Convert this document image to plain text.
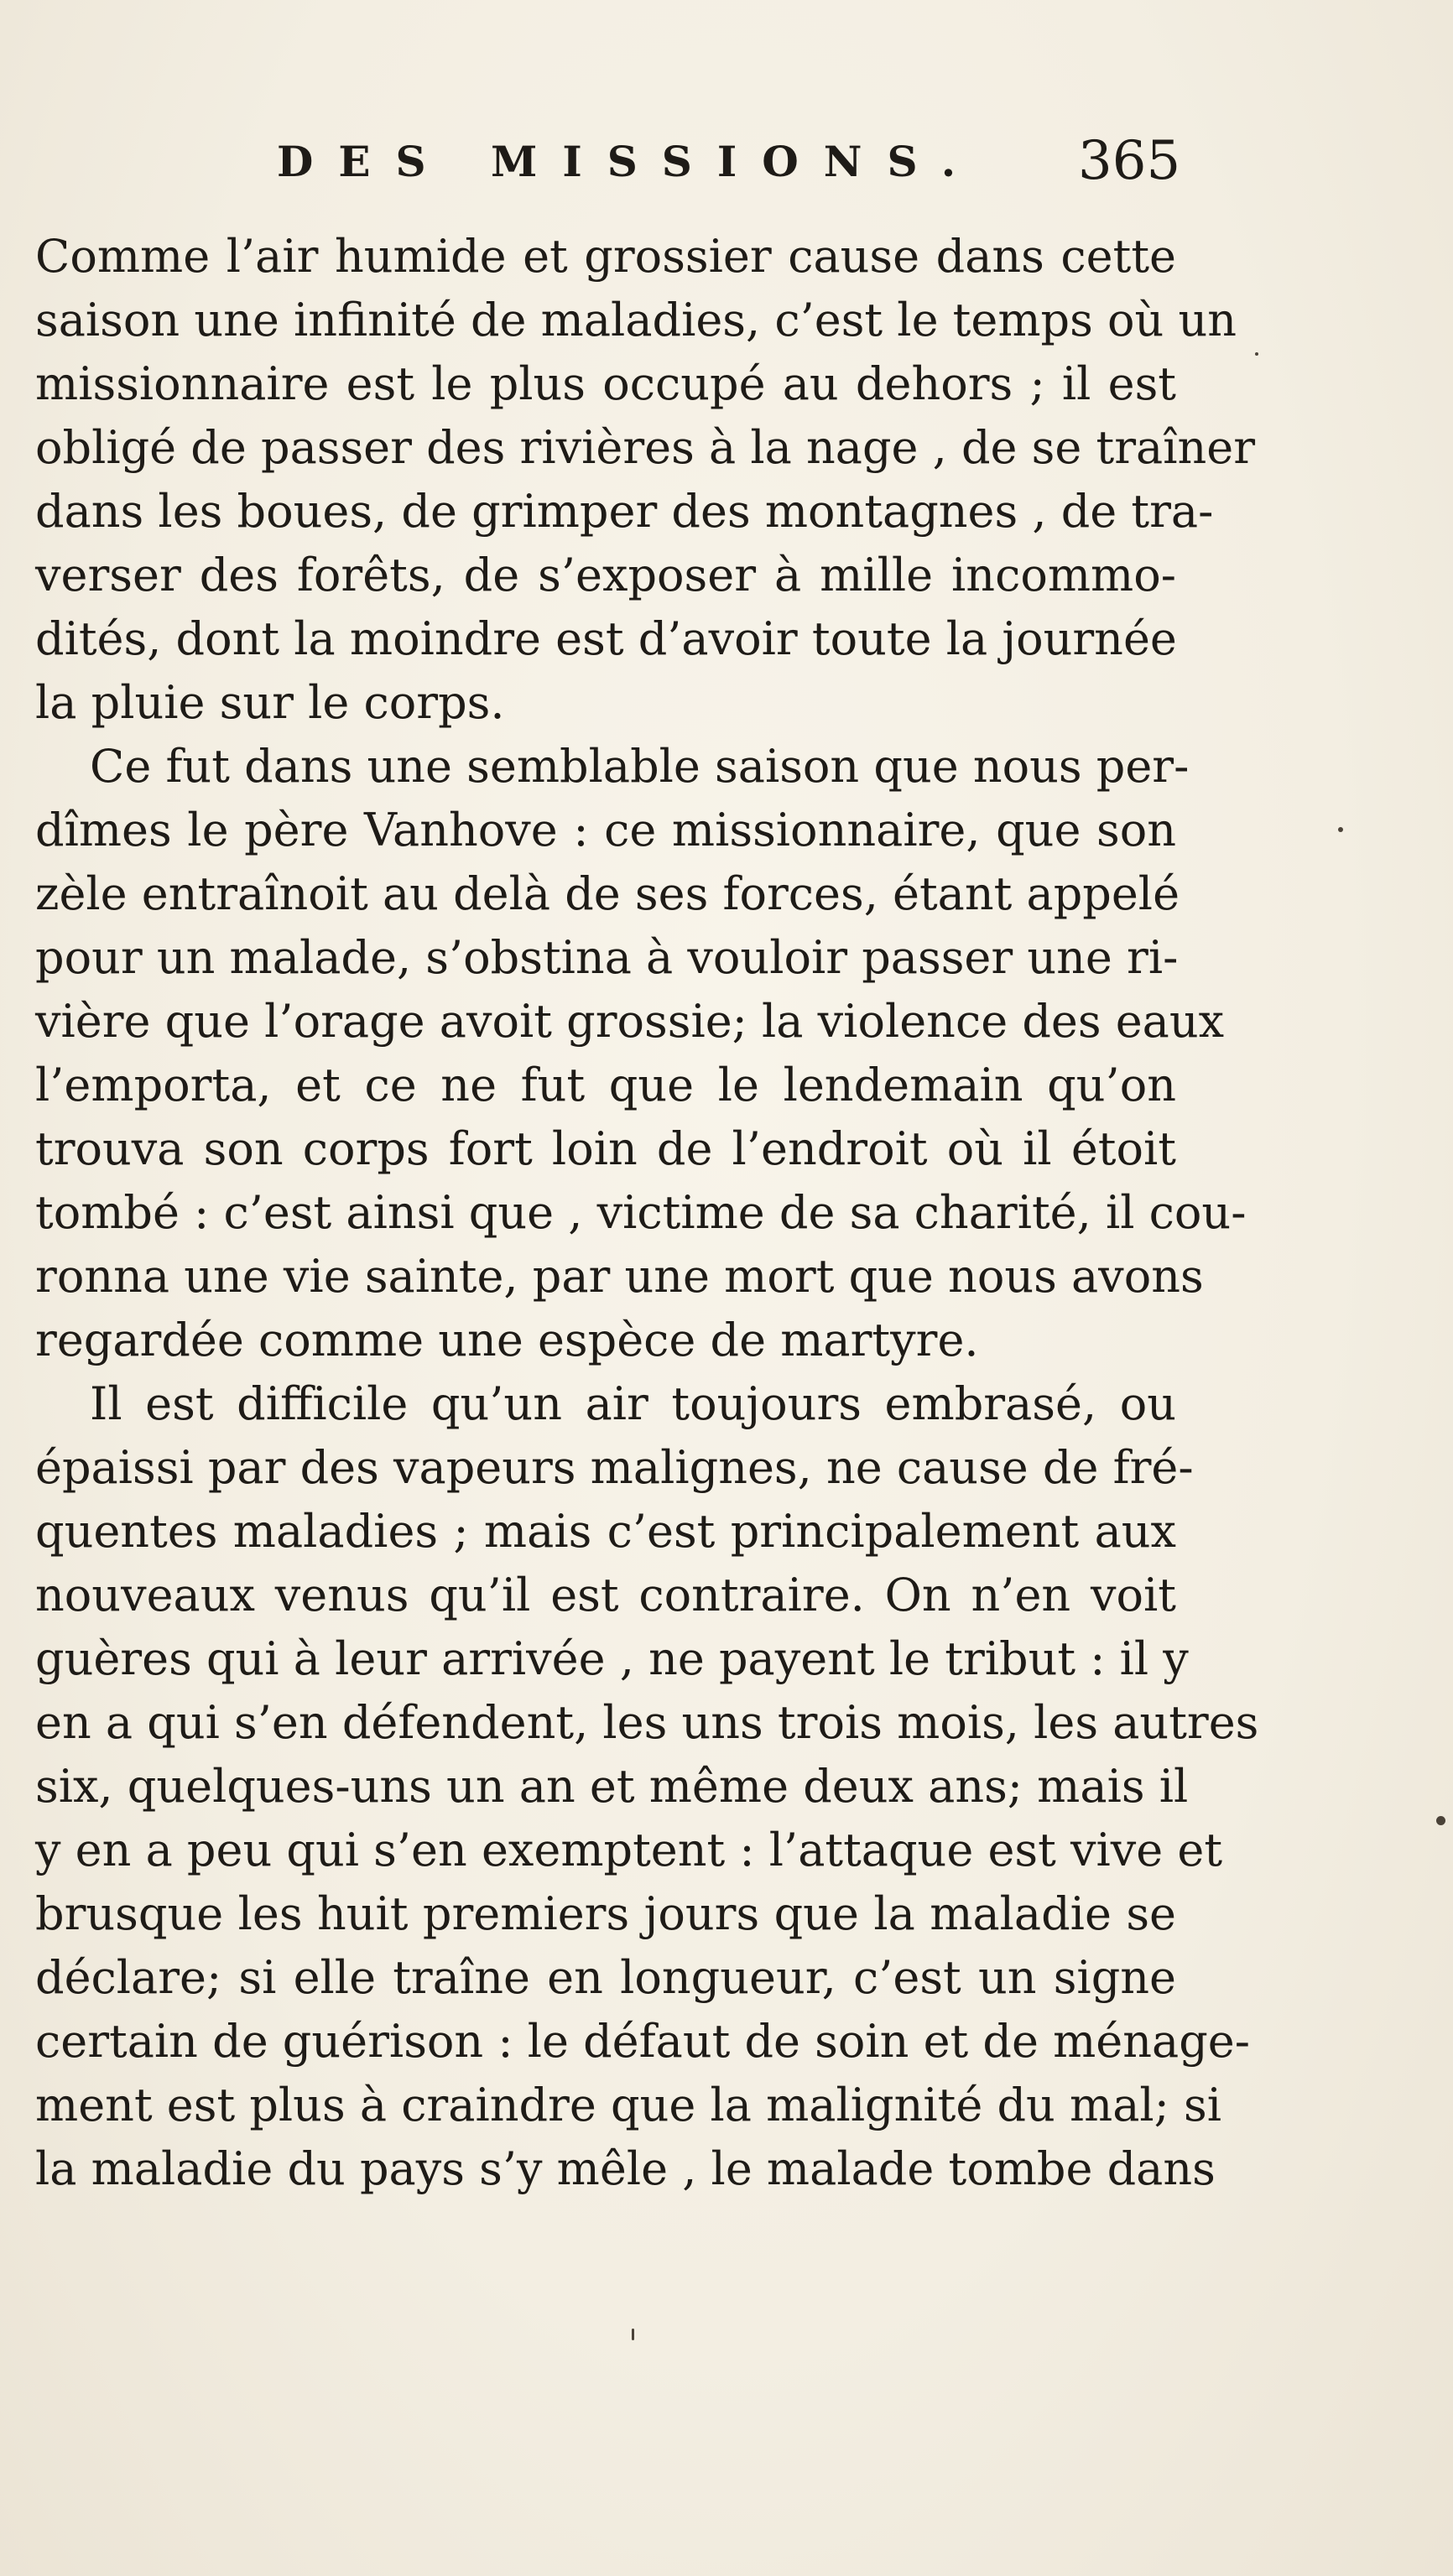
DES MISSIONS. 365
Comme l’air humide et grossier cause dans cette
saison une infinité de maladies, c’est le temps où un
missionnaire est le plus occupé au dehors ; il est
obligé de passer des rivières à la nage , de se traîner
dans les boues, de grimper des montagnes , de tra-
verser des forêts, de s’exposer à mille incommo-
dités, dont la moindre est d’avoir toute la journée
la pluie sur le corps.
Ce fut dans une semblable saison que nous per-
dîmes le père Vanhove : ce missionnaire, que son
zèle entraînoit au delà de ses forces, étant appelé
pour un malade, s’obstina à vouloir passer une ri-
vière que l’orage avoit grossie; la violence des eaux
l’emporta, et ce ne fut que le lendemain qu’on
trouva son corps fort loin de l’endroit où il étoit
tombé : c’est ainsi que , victime de sa charité, il cou-
ronna une vie sainte, par une mort que nous avons
regardée comme une espèce de martyre.
Il est difficile qu’un air toujours embrasé, ou
épaissi par des vapeurs malignes, ne cause de fré-
quentes maladies ; mais c’est principalement aux
nouveaux venus qu’il est contraire. On n’en voit
guères qui à leur arrivée , ne payent le tribut : il y
en a qui s’en défendent, les uns trois mois, les autres
six, quelques-uns un an et même deux ans; mais il
y en a peu qui s’en exemptent : l’attaque est vive et
brusque les huit premiers jours que la maladie se
déclare; si elle traîne en longueur, c’est un signe
certain de guérison : le défaut de soin et de ménage-
ment est plus à craindre que la malignité du mal; si
la maladie du pays s’y mêle , le malade tombe dans
